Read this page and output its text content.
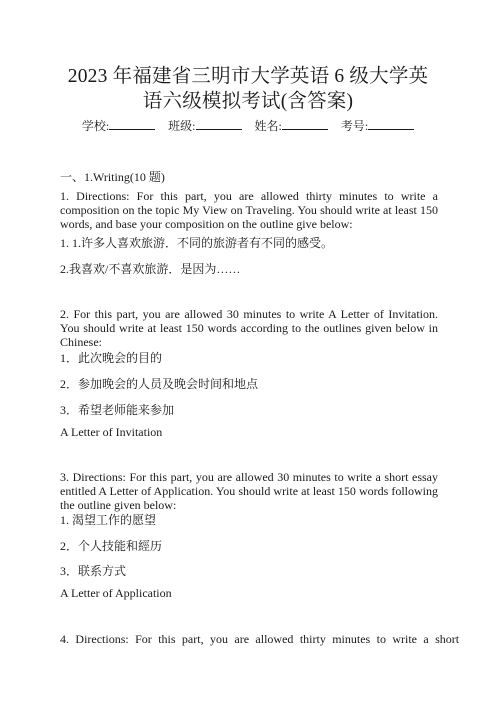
2023 年福建省三明市大学英语 6 级大学英
语六级模拟考试(含答案)
学校:	班级:	姓名:	考号:
一、1.Writing(10 题)
1. Directions: For this part, you are allowed thirty minutes to write a composition on the topic My View on Traveling. You should write at least 150 words, and base your composition on the outline give below:
1. 1.许多人喜欢旅游．不同的旅游者有不同的感受。
2.我喜欢/不喜欢旅游．是因为……
2. For this part, you are allowed 30 minutes to write A Letter of Invitation. You should write at least 150 words according to the outlines given below in Chinese:
1．此次晚会的目的
2．参加晚会的人员及晚会时间和地点
3．希望老师能来参加
A Letter of Invitation
3. Directions: For this part, you are allowed 30 minutes to write a short essay entitled A Letter of Application. You should write at least 150 words following the outline given below:
1. 渴望工作的愿望
2．个人技能和經历
3．联系方式
A Letter of Application
4. Directions: For this part, you are allowed thirty minutes to write a short
